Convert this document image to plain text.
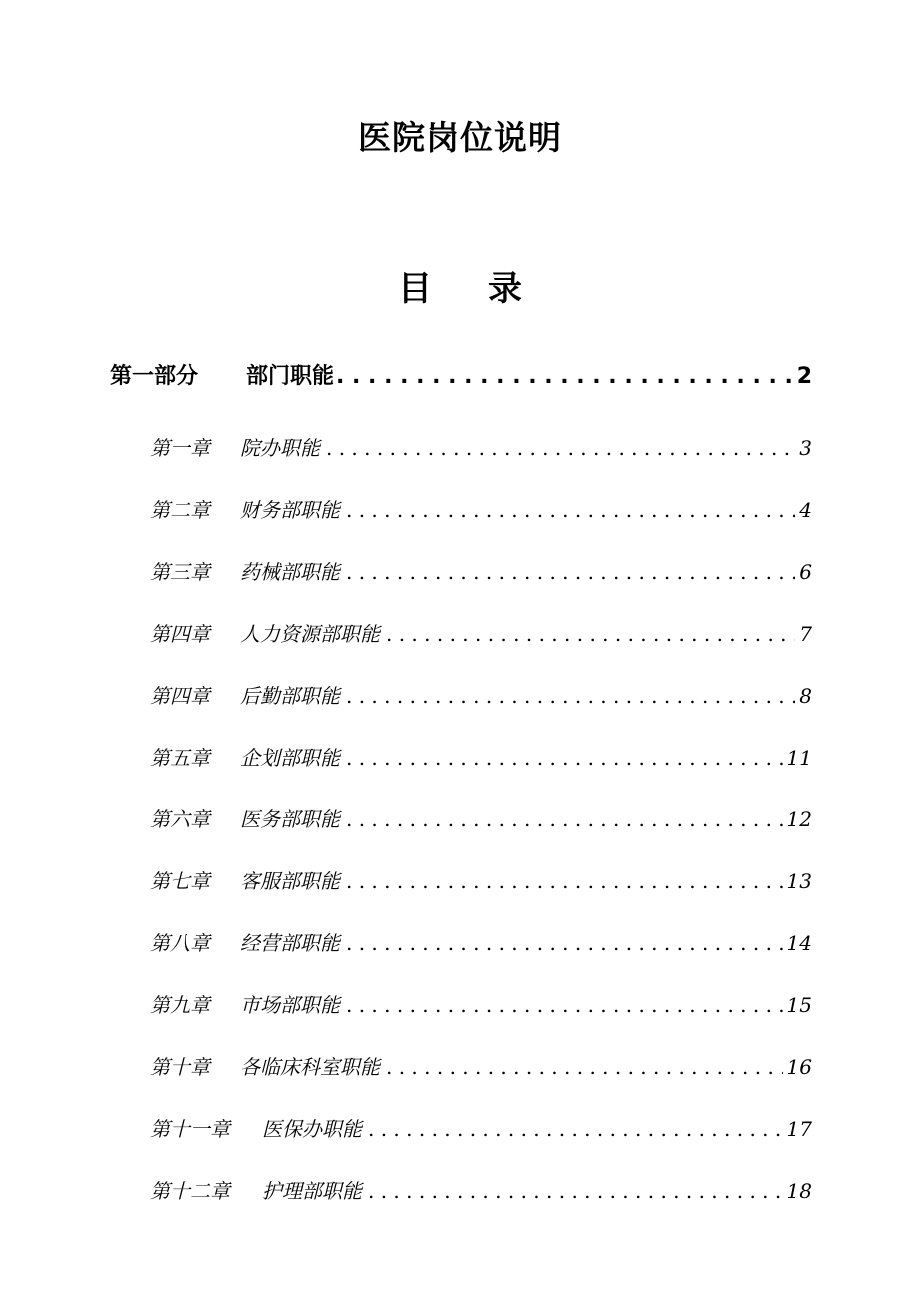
医院岗位说明
目 录
第一部分	部门职能 . . .	2
第一章	院办职能 . . .	3
第二章	财务部职能 . . .	4
第三章	药械部职能 . . .	6
第四章	人力资源部职能 . . .	7
第四章	后勤部职能 . . .	8
第五章	企划部职能 . . .	11
第六章	医务部职能 . . .	12
第七章	客服部职能 . . .	13
第八章	经营部职能 . . .	14
第九章	市场部职能 . . .	15
第十章	各临床科室职能 . . .	16
第十一章	医保办职能 . . .	17
第十二章	护理部职能 . . .	18
